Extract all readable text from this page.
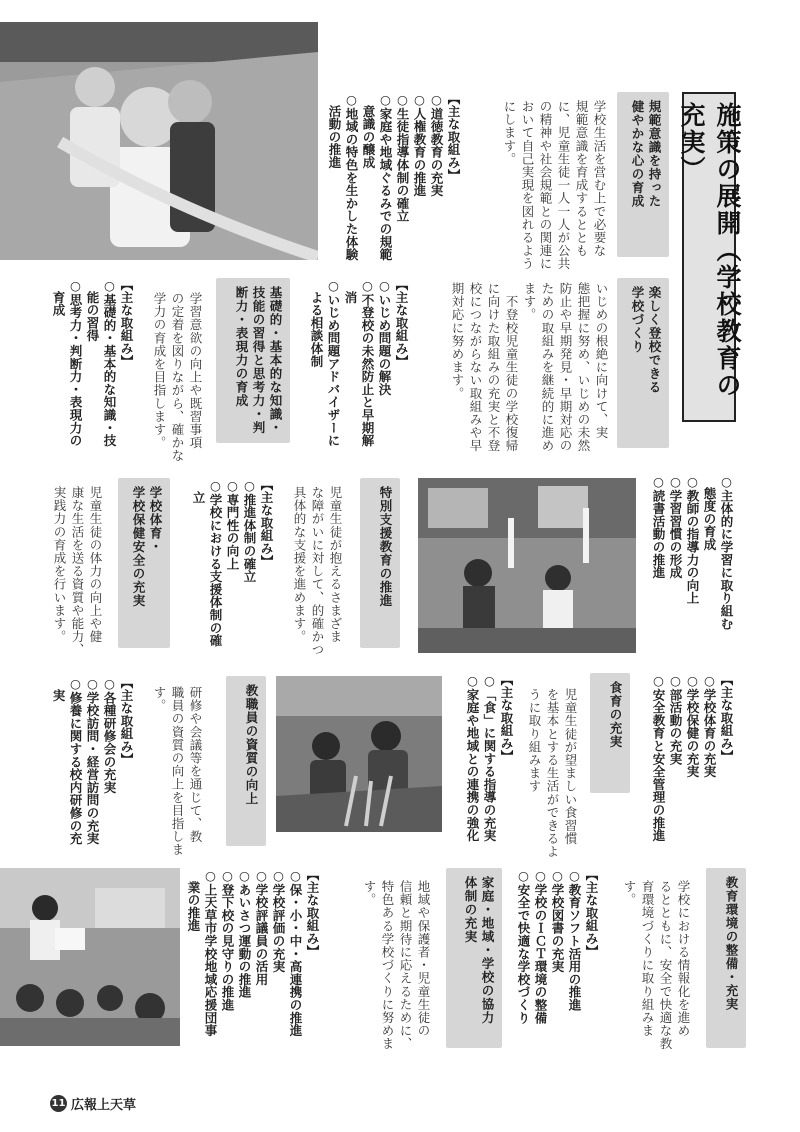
施策の展開（学校教育の充実）
規範意識を持った
健やかな心の育成
学校生活を営む上で必要な
規範意識を育成するととも
に、児童生徒一人一人が公共
の精神や社会規範との関連に
おいて自己実現を図れるよう
にします。
【主な取組み】
○道徳教育の充実
○人権教育の推進
○生徒指導体制の確立
○家庭や地域ぐるみでの規範
　意識の醸成
○地域の特色を生かした体験
　活動の推進
楽しく登校できる
学校づくり
いじめの根絶に向けて、実
態把握に努め、いじめの未然
防止や早期発見・早期対応の
ための取組みを継続的に進め
ます。
　不登校児童生徒の学校復帰
に向けた取組みの充実と不登
校につながらない取組みや早
期対応に努めます。
【主な取組み】
○いじめ問題の解決
○不登校の未然防止と早期解
　消
○いじめ問題アドバイザーに
　よる相談体制
基礎的・基本的な知識・
技能の習得と思考力・判
断力・表現力の育成
学習意欲の向上や既習事項
の定着を図りながら、確かな
学力の育成を目指します。
【主な取組み】
○基礎的・基本的な知識・技
　能の習得
○思考力・判断力・表現力の
　育成
○主体的に学習に取り組む
　態度の育成
○教師の指導力の向上
○学習習慣の形成
○読書活動の推進
特別支援教育の推進
児童生徒が抱えるさまざま
な障がいに対して、的確かつ
具体的な支援を進めます。
【主な取組み】
○推進体制の確立
○専門性の向上
○学校における支援体制の確
　立
学校体育・
学校保健安全の充実
児童生徒の体力の向上や健
康な生活を送る資質や能力、
実践力の育成を行います。
【主な取組み】
○学校体育の充実
○学校保健の充実
○部活動の充実
○安全教育と安全管理の推進
食育の充実
児童生徒が望ましい食習慣
を基本とする生活ができるよ
うに取り組みます
【主な取組み】
○「食」に関する指導の充実
○家庭や地域との連携の強化
教職員の資質の向上
研修や会議等を通じて、教
職員の資質の向上を目指しま
す。
【主な取組み】
○各種研修会の充実
○学校訪問・経営訪問の充実
○修養に関する校内研修の充
　実
教育環境の整備・充実
学校における情報化を進め
るとともに、安全で快適な教
育環境づくりに取り組みま
す。
【主な取組み】
○教育ソフト活用の推進
○学校図書の充実
○学校のＩＣＴ環境の整備
○安全で快適な学校づくり
家庭・地域・学校の協力
体制の充実
地域や保護者・児童生徒の
信頼と期待に応えるために、
特色ある学校づくりに努めま
す。
【主な取組み】
○保・小・中・高連携の推進
○学校評価の充実
○学校評議員の活用
○あいさつ運動の推進
○登下校の見守りの推進
○上天草市学校地域応援団事
　業の推進
11 広報上天草
